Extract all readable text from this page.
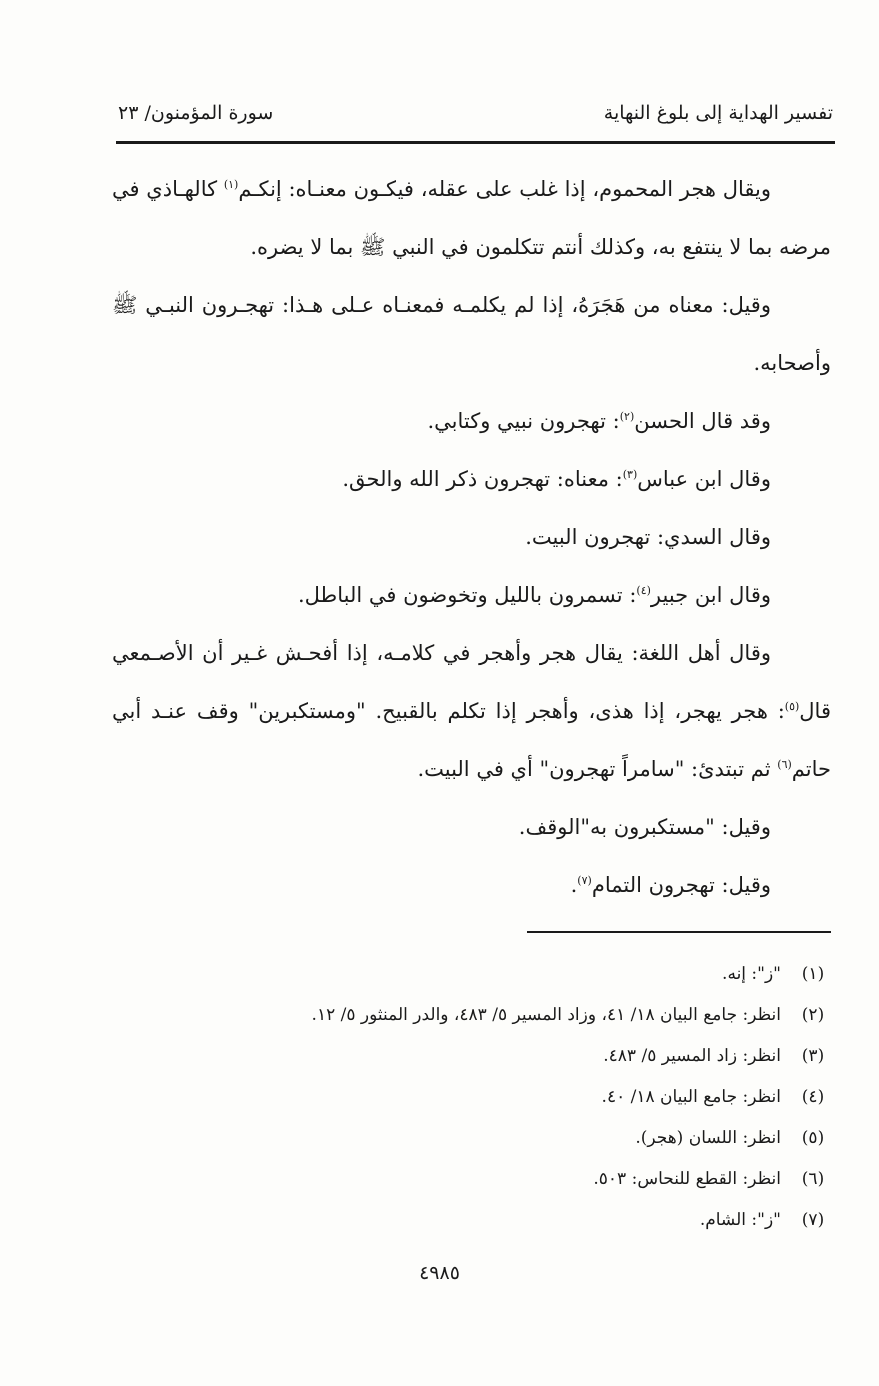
تفسير الهداية إلى بلوغ النهاية
سورة المؤمنون/ ٢٣

ويقال هجر المحموم، إذا غلب على عقله، فيكـون معنـاه: إنكـم$^{(١)}$ كالهـاذي في مرضه بما لا ينتفع به، وكذلك أنتم تتكلمون في النبي ﷺ بما لا يضره.

وقيل: معناه من هَجَرَهُ، إذا لم يكلمـه فمعنـاه عـلى هـذا: تهجـرون النبـي ﷺ وأصحابه.

وقد قال الحسن$^{(٢)}$: تهجرون نبيي وكتابي.

وقال ابن عباس$^{(٣)}$: معناه: تهجرون ذكر الله والحق.

وقال السدي: تهجرون البيت.

وقال ابن جبير$^{(٤)}$: تسمرون بالليل وتخوضون في الباطل.

وقال أهل اللغة: يقال هجر وأهجر في كلامـه، إذا أفحـش غـير أن الأصـمعي قال$^{(٥)}$: هجر يهجر، إذا هذى، وأهجر إذا تكلم بالقبيح. "ومستكبرين" وقف عنـد أبي حاتم$^{(٦)}$ ثم تبتدئ: "سامراً تهجرون" أي في البيت.

وقيل: "مستكبرون به"الوقف.

وقيل: تهجرون التمام$^{(٧)}$.

(١)
"ز": إنه.
(٢)
انظر: جامع البيان ١٨/ ٤١، وزاد المسير ٥/ ٤٨٣، والدر المنثور ٥/ ١٢.
(٣)
انظر: زاد المسير ٥/ ٤٨٣.
(٤)
انظر: جامع البيان ١٨/ ٤٠.
(٥)
انظر: اللسان (هجر).
(٦)
انظر: القطع للنحاس: ٥٠٣.
(٧)
"ز": الشام.
٤٩٨٥
